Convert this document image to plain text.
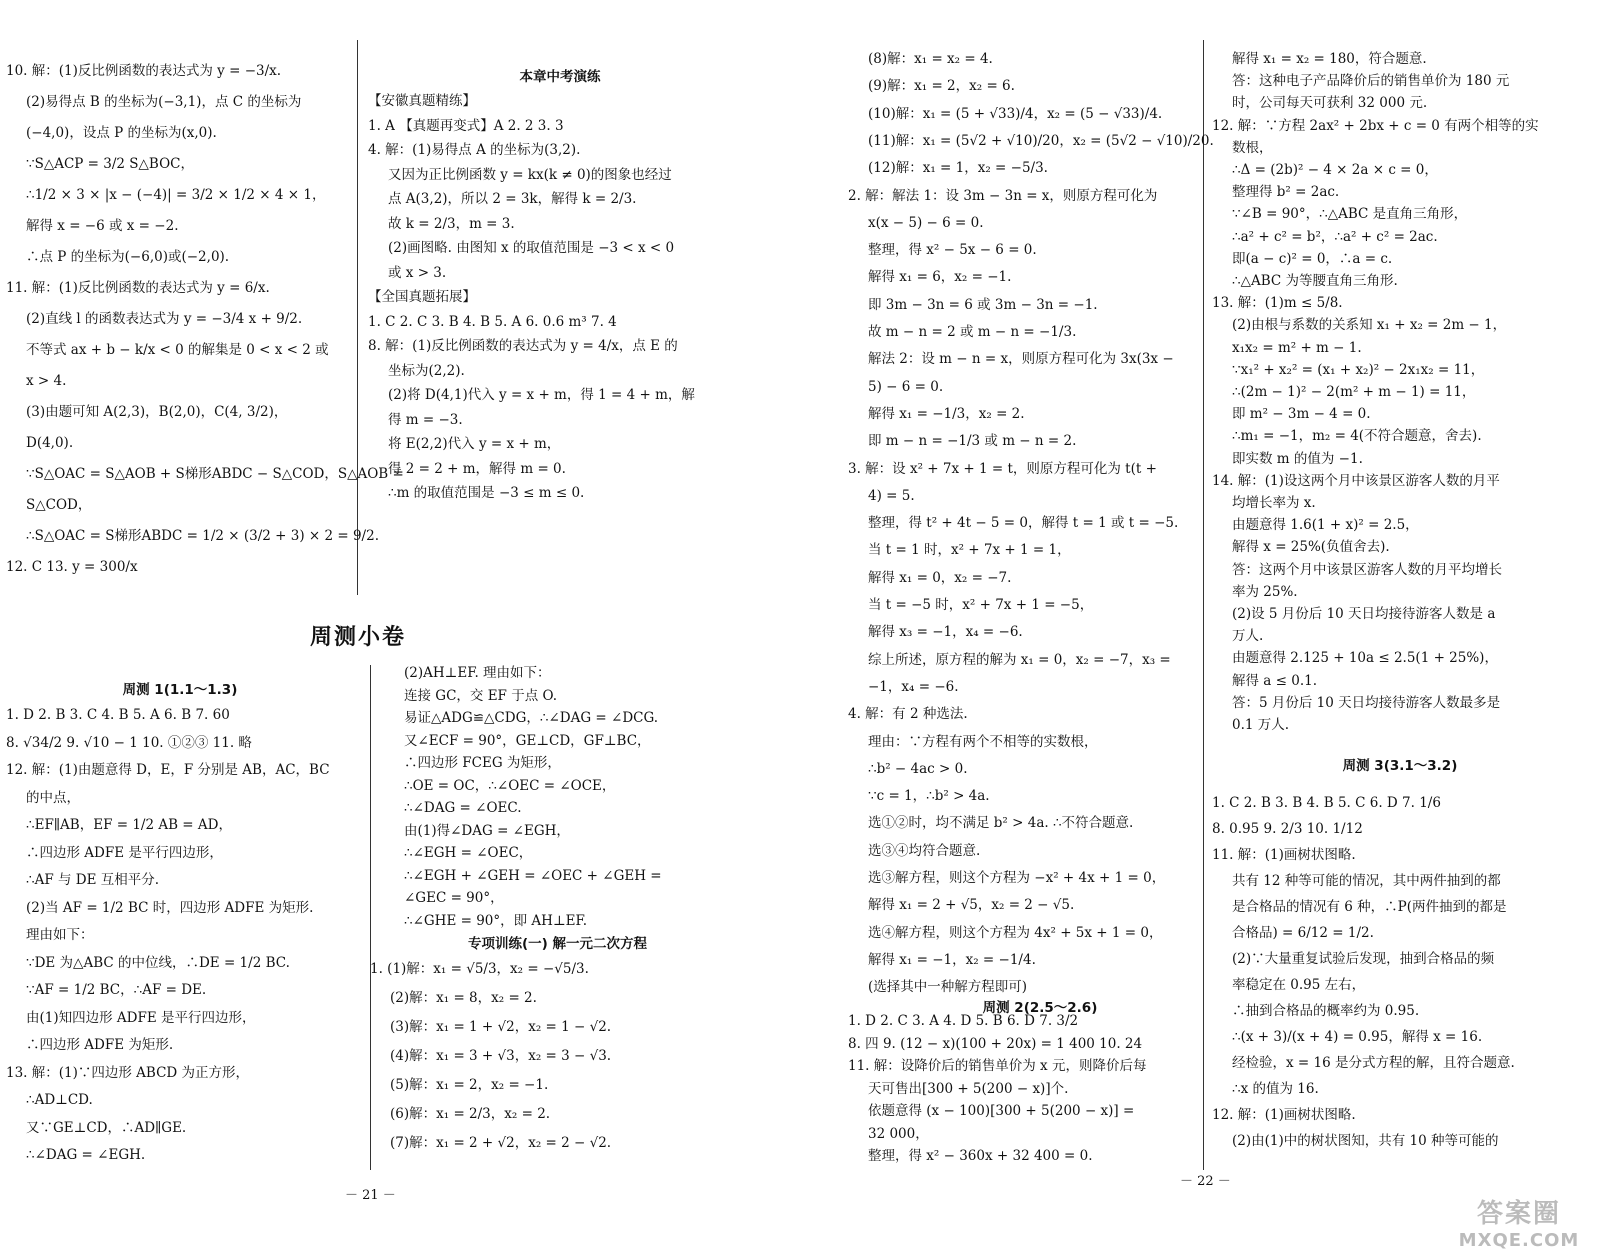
10. 解：(1)反比例函数的表达式为 y = −3/x.
(2)易得点 B 的坐标为(−3,1)，点 C 的坐标为
(−4,0)，设点 P 的坐标为(x,0).
∵S△ACP = 3/2 S△BOC，
∴1/2 × 3 × |x − (−4)| = 3/2 × 1/2 × 4 × 1，
解得 x = −6 或 x = −2.
∴点 P 的坐标为(−6,0)或(−2,0).
11. 解：(1)反比例函数的表达式为 y = 6/x.
(2)直线 l 的函数表达式为 y = −3/4 x + 9/2.
不等式 ax + b − k/x < 0 的解集是 0 < x < 2 或
x > 4.
(3)由题可知 A(2,3)，B(2,0)，C(4, 3/2)，
D(4,0).
∵S△OAC = S△AOB + S梯形ABDC − S△COD，S△AOB =
S△COD，
∴S△OAC = S梯形ABDC = 1/2 × (3/2 + 3) × 2 = 9/2.
12. C 13. y = 300/x
本章中考演练
【安徽真题精练】
1. A 【真题再变式】A 2. 2 3. 3
4. 解：(1)易得点 A 的坐标为(3,2).
又因为正比例函数 y = kx(k ≠ 0)的图象也经过
点 A(3,2)，所以 2 = 3k，解得 k = 2/3.
故 k = 2/3，m = 3.
(2)画图略. 由图知 x 的取值范围是 −3 < x < 0
或 x > 3.
【全国真题拓展】
1. C 2. C 3. B 4. B 5. A 6. 0.6 m³ 7. 4
8. 解：(1)反比例函数的表达式为 y = 4/x，点 E 的
坐标为(2,2).
(2)将 D(4,1)代入 y = x + m，得 1 = 4 + m，解
得 m = −3.
将 E(2,2)代入 y = x + m，
得 2 = 2 + m，解得 m = 0.
∴m 的取值范围是 −3 ≤ m ≤ 0.
周测小卷
周测 1(1.1～1.3)
1. D 2. B 3. C 4. B 5. A 6. B 7. 60
8. √34/2 9. √10 − 1 10. ①②③ 11. 略
12. 解：(1)由题意得 D，E，F 分别是 AB，AC，BC
的中点，
∴EF∥AB，EF = 1/2 AB = AD，
∴四边形 ADFE 是平行四边形，
∴AF 与 DE 互相平分.
(2)当 AF = 1/2 BC 时，四边形 ADFE 为矩形.
理由如下：
∵DE 为△ABC 的中位线，∴DE = 1/2 BC.
∵AF = 1/2 BC，∴AF = DE.
由(1)知四边形 ADFE 是平行四边形，
∴四边形 ADFE 为矩形.
13. 解：(1)∵四边形 ABCD 为正方形，
∴AD⊥CD.
又∵GE⊥CD，∴AD∥GE.
∴∠DAG = ∠EGH.
(2)AH⊥EF. 理由如下：
连接 GC，交 EF 于点 O.
易证△ADG≌△CDG，∴∠DAG = ∠DCG.
又∠ECF = 90°，GE⊥CD，GF⊥BC，
∴四边形 FCEG 为矩形，
∴OE = OC，∴∠OEC = ∠OCE，
∴∠DAG = ∠OEC.
由(1)得∠DAG = ∠EGH，
∴∠EGH = ∠OEC，
∴∠EGH + ∠GEH = ∠OEC + ∠GEH =
∠GEC = 90°，
∴∠GHE = 90°，即 AH⊥EF.
专项训练(一) 解一元二次方程
1. (1)解：x₁ = √5/3，x₂ = −√5/3.
(2)解：x₁ = 8，x₂ = 2.
(3)解：x₁ = 1 + √2，x₂ = 1 − √2.
(4)解：x₁ = 3 + √3，x₂ = 3 − √3.
(5)解：x₁ = 2，x₂ = −1.
(6)解：x₁ = 2/3，x₂ = 2.
(7)解：x₁ = 2 + √2，x₂ = 2 − √2.
－ 21 －
(8)解：x₁ = x₂ = 4.
(9)解：x₁ = 2，x₂ = 6.
(10)解：x₁ = (5 + √33)/4，x₂ = (5 − √33)/4.
(11)解：x₁ = (5√2 + √10)/20，x₂ = (5√2 − √10)/20.
(12)解：x₁ = 1，x₂ = −5/3.
2. 解：解法 1：设 3m − 3n = x，则原方程可化为
x(x − 5) − 6 = 0.
整理，得 x² − 5x − 6 = 0.
解得 x₁ = 6，x₂ = −1.
即 3m − 3n = 6 或 3m − 3n = −1.
故 m − n = 2 或 m − n = −1/3.
解法 2：设 m − n = x，则原方程可化为 3x(3x −
5) − 6 = 0.
解得 x₁ = −1/3，x₂ = 2.
即 m − n = −1/3 或 m − n = 2.
3. 解：设 x² + 7x + 1 = t，则原方程可化为 t(t +
4) = 5.
整理，得 t² + 4t − 5 = 0，解得 t = 1 或 t = −5.
当 t = 1 时，x² + 7x + 1 = 1，
解得 x₁ = 0，x₂ = −7.
当 t = −5 时，x² + 7x + 1 = −5，
解得 x₃ = −1，x₄ = −6.
综上所述，原方程的解为 x₁ = 0，x₂ = −7，x₃ =
−1，x₄ = −6.
4. 解：有 2 种选法.
理由：∵方程有两个不相等的实数根，
∴b² − 4ac > 0.
∵c = 1，∴b² > 4a.
选①②时，均不满足 b² > 4a. ∴不符合题意.
选③④均符合题意.
选③解方程，则这个方程为 −x² + 4x + 1 = 0，
解得 x₁ = 2 + √5，x₂ = 2 − √5.
选④解方程，则这个方程为 4x² + 5x + 1 = 0，
解得 x₁ = −1，x₂ = −1/4.
(选择其中一种解方程即可)
周测 2(2.5～2.6)
1. D 2. C 3. A 4. D 5. B 6. D 7. 3/2
8. 四 9. (12 − x)(100 + 20x) = 1 400 10. 24
11. 解：设降价后的销售单价为 x 元，则降价后每
天可售出[300 + 5(200 − x)]个.
依题意得 (x − 100)[300 + 5(200 − x)] =
32 000，
整理，得 x² − 360x + 32 400 = 0.
解得 x₁ = x₂ = 180，符合题意.
答：这种电子产品降价后的销售单价为 180 元
时，公司每天可获利 32 000 元.
12. 解：∵方程 2ax² + 2bx + c = 0 有两个相等的实
数根，
∴Δ = (2b)² − 4 × 2a × c = 0，
整理得 b² = 2ac.
∵∠B = 90°，∴△ABC 是直角三角形，
∴a² + c² = b²，∴a² + c² = 2ac.
即(a − c)² = 0，∴a = c.
∴△ABC 为等腰直角三角形.
13. 解：(1)m ≤ 5/8.
(2)由根与系数的关系知 x₁ + x₂ = 2m − 1，
x₁x₂ = m² + m − 1.
∵x₁² + x₂² = (x₁ + x₂)² − 2x₁x₂ = 11，
∴(2m − 1)² − 2(m² + m − 1) = 11，
即 m² − 3m − 4 = 0.
∴m₁ = −1，m₂ = 4(不符合题意，舍去).
即实数 m 的值为 −1.
14. 解：(1)设这两个月中该景区游客人数的月平
均增长率为 x.
由题意得 1.6(1 + x)² = 2.5，
解得 x = 25%(负值舍去).
答：这两个月中该景区游客人数的月平均增长
率为 25%.
(2)设 5 月份后 10 天日均接待游客人数是 a
万人.
由题意得 2.125 + 10a ≤ 2.5(1 + 25%)，
解得 a ≤ 0.1.
答：5 月份后 10 天日均接待游客人数最多是
0.1 万人.
周测 3(3.1～3.2)
1. C 2. B 3. B 4. B 5. C 6. D 7. 1/6
8. 0.95 9. 2/3 10. 1/12
11. 解：(1)画树状图略.
共有 12 种等可能的情况，其中两件抽到的都
是合格品的情况有 6 种，∴P(两件抽到的都是
合格品) = 6/12 = 1/2.
(2)∵大量重复试验后发现，抽到合格品的频
率稳定在 0.95 左右，
∴抽到合格品的概率约为 0.95.
∴(x + 3)/(x + 4) = 0.95，解得 x = 16.
经检验，x = 16 是分式方程的解，且符合题意.
∴x 的值为 16.
12. 解：(1)画树状图略.
(2)由(1)中的树状图知，共有 10 种等可能的
－ 22 －
答案圈
MXQE.COM
